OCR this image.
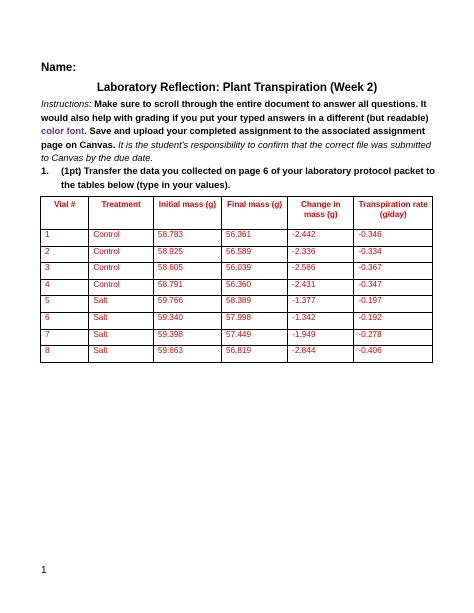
Name:
Laboratory Reflection: Plant Transpiration (Week 2)
Instructions: Make sure to scroll through the entire document to answer all questions. It would also help with grading if you put your typed answers in a different (but readable) color font. Save and upload your completed assignment to the associated assignment page on Canvas. It is the student's responsibility to confirm that the correct file was submitted to Canvas by the due date.
1. (1pt) Transfer the data you collected on page 6 of your laboratory protocol packet to the tables below (type in your values).
Vial #	Treatment	Initial mass (g)	Final mass (g)	Change in mass (g)	Transpiration rate (g/day)
1	Control	58.783	56.361	-2.442	-0.346
2	Control	58.925	56.589	-2.336	-0.334
3	Control	58.605	56.039	-2.566	-0.367
4	Control	58.791	56.360	-2.431	-0.347
5	Salt	59.766	58.389	-1.377	-0.197
6	Salt	59.340	57.998	-1.342	-0.192
7	Salt	59.398	57.449	-1.949	-0.278
8	Salt	59.663	56.819	-2.844	-0.406
1
